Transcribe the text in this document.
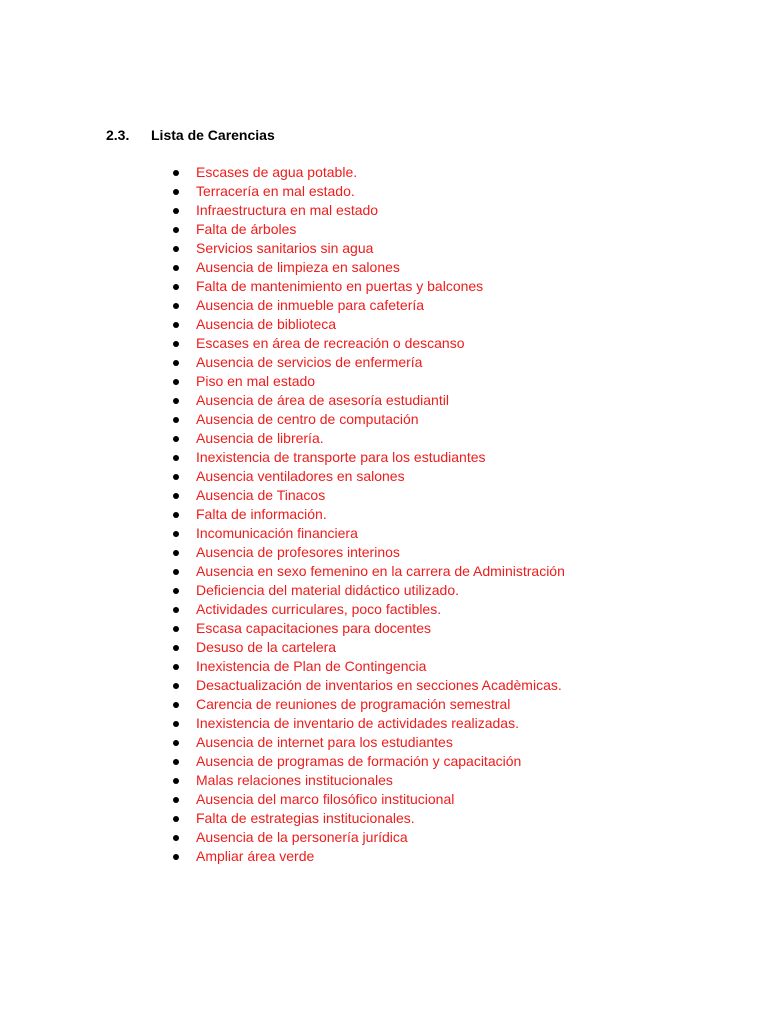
2.3.	Lista de Carencias
Escases de agua potable.
Terracería en mal estado.
Infraestructura en mal estado
Falta de árboles
Servicios sanitarios sin agua
Ausencia de limpieza en salones
Falta de mantenimiento en puertas y balcones
Ausencia de inmueble para cafetería
Ausencia de biblioteca
Escases en área de recreación o descanso
Ausencia de servicios de enfermería
Piso en mal estado
Ausencia de área de asesoría estudiantil
Ausencia de centro de computación
Ausencia de librería.
Inexistencia de transporte para los estudiantes
Ausencia ventiladores en salones
Ausencia de Tinacos
Falta de información.
Incomunicación financiera
Ausencia de profesores interinos
Ausencia en sexo femenino en la carrera de Administración
Deficiencia del material didáctico utilizado.
Actividades curriculares, poco factibles.
Escasa capacitaciones para docentes
Desuso de la cartelera
Inexistencia de Plan de Contingencia
Desactualización de inventarios en secciones Acadèmicas.
Carencia de reuniones de programación semestral
Inexistencia de inventario de actividades realizadas.
Ausencia de internet para los estudiantes
Ausencia de programas de formación y capacitación
Malas relaciones institucionales
Ausencia del marco filosófico institucional
Falta de estrategias institucionales.
Ausencia de la personería jurídica
Ampliar área verde
